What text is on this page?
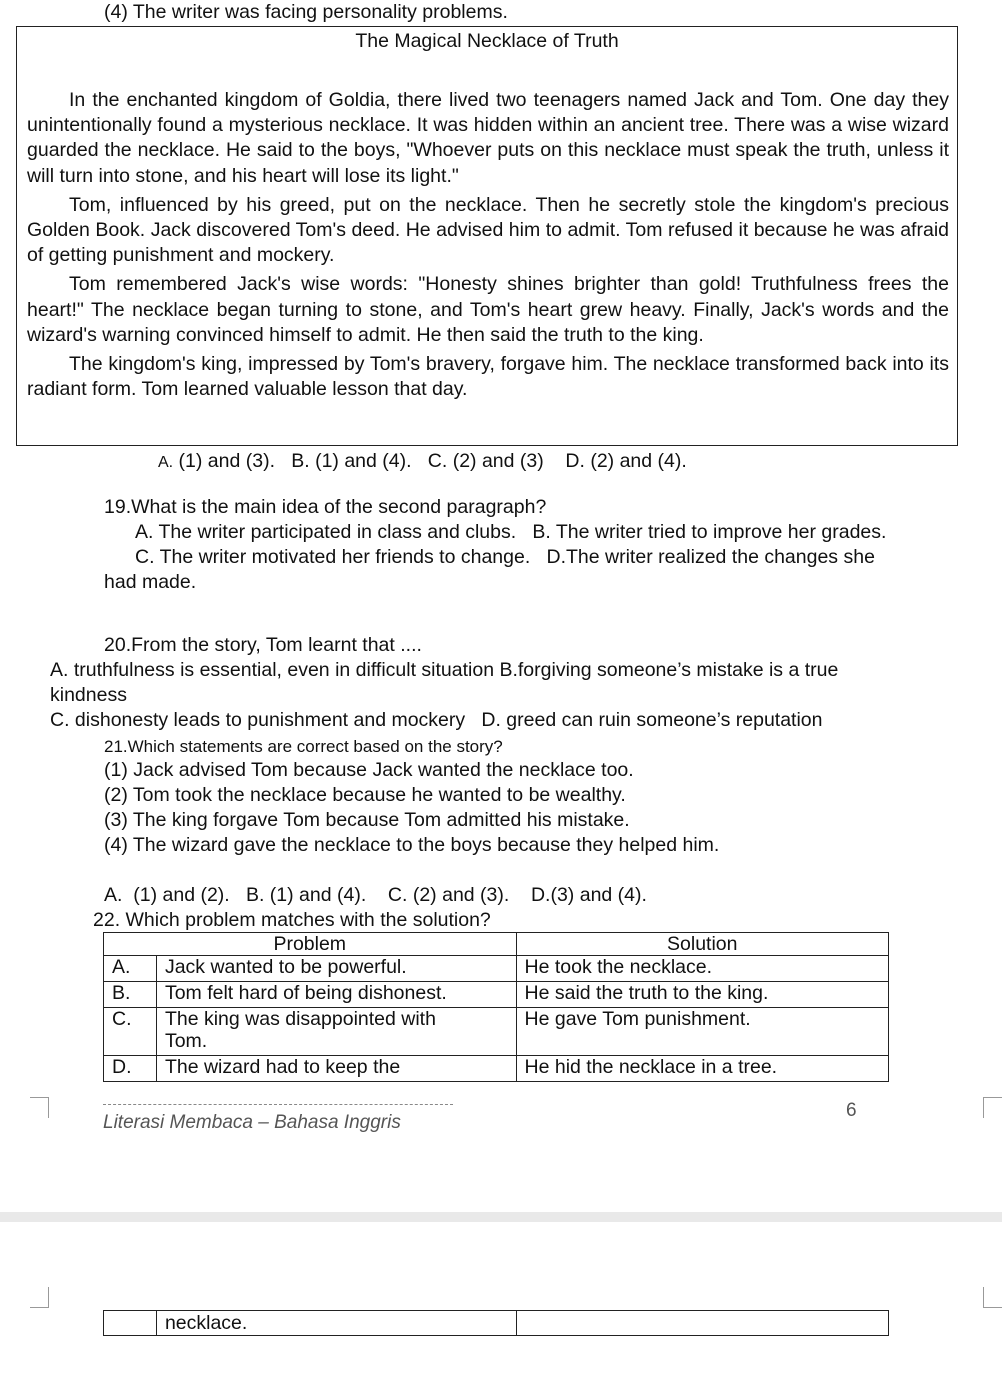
(4) The writer was facing personality problems.
The Magical Necklace of Truth

In the enchanted kingdom of Goldia, there lived two teenagers named Jack and Tom. One day they unintentionally found a mysterious necklace. It was hidden within an ancient tree. There was a wise wizard guarded the necklace. He said to the boys, "Whoever puts on this necklace must speak the truth, unless it will turn into stone, and his heart will lose its light."

Tom, influenced by his greed, put on the necklace. Then he secretly stole the kingdom's precious Golden Book. Jack discovered Tom's deed. He advised him to admit. Tom refused it because he was afraid of getting punishment and mockery.

Tom remembered Jack's wise words: "Honesty shines brighter than gold! Truthfulness frees the heart!" The necklace began turning to stone, and Tom's heart grew heavy. Finally, Jack's words and the wizard's warning convinced himself to admit. He then said the truth to the king.

The kingdom's king, impressed by Tom's bravery, forgave him. The necklace transformed back into its radiant form. Tom learned valuable lesson that day.

A. (1) and (3).   B. (1) and (4).   C. (2) and (3)    D. (2) and (4).
19.What is the main idea of the second paragraph?
A. The writer participated in class and clubs.   B. The writer tried to improve her grades.
C. The writer motivated her friends to change.   D.The writer realized the changes she
had made.
20.From the story, Tom learnt that ....
A. truthfulness is essential, even in difficult situation B.forgiving someone’s mistake is a true
kindness
C. dishonesty leads to punishment and mockery   D. greed can ruin someone’s reputation
21.Which statements are correct based on the story?
(1) Jack advised Tom because Jack wanted the necklace too.
(2) Tom took the necklace because he wanted to be wealthy.
(3) The king forgave Tom because Tom admitted his mistake.
(4) The wizard gave the necklace to the boys because they helped him.
A.  (1) and (2).   B. (1) and (4).    C. (2) and (3).    D.(3) and (4).
22. Which problem matches with the solution?
Problem		Solution
A.	Jack wanted to be powerful.	He took the necklace.
B.	Tom felt hard of being dishonest.	He said the truth to the king.
C.	The king was disappointed with Tom.	He gave Tom punishment.
D.	The wizard had to keep the	He hid the necklace in a tree.
Literasi Membaca – Bahasa Inggris
6
	necklace.	
